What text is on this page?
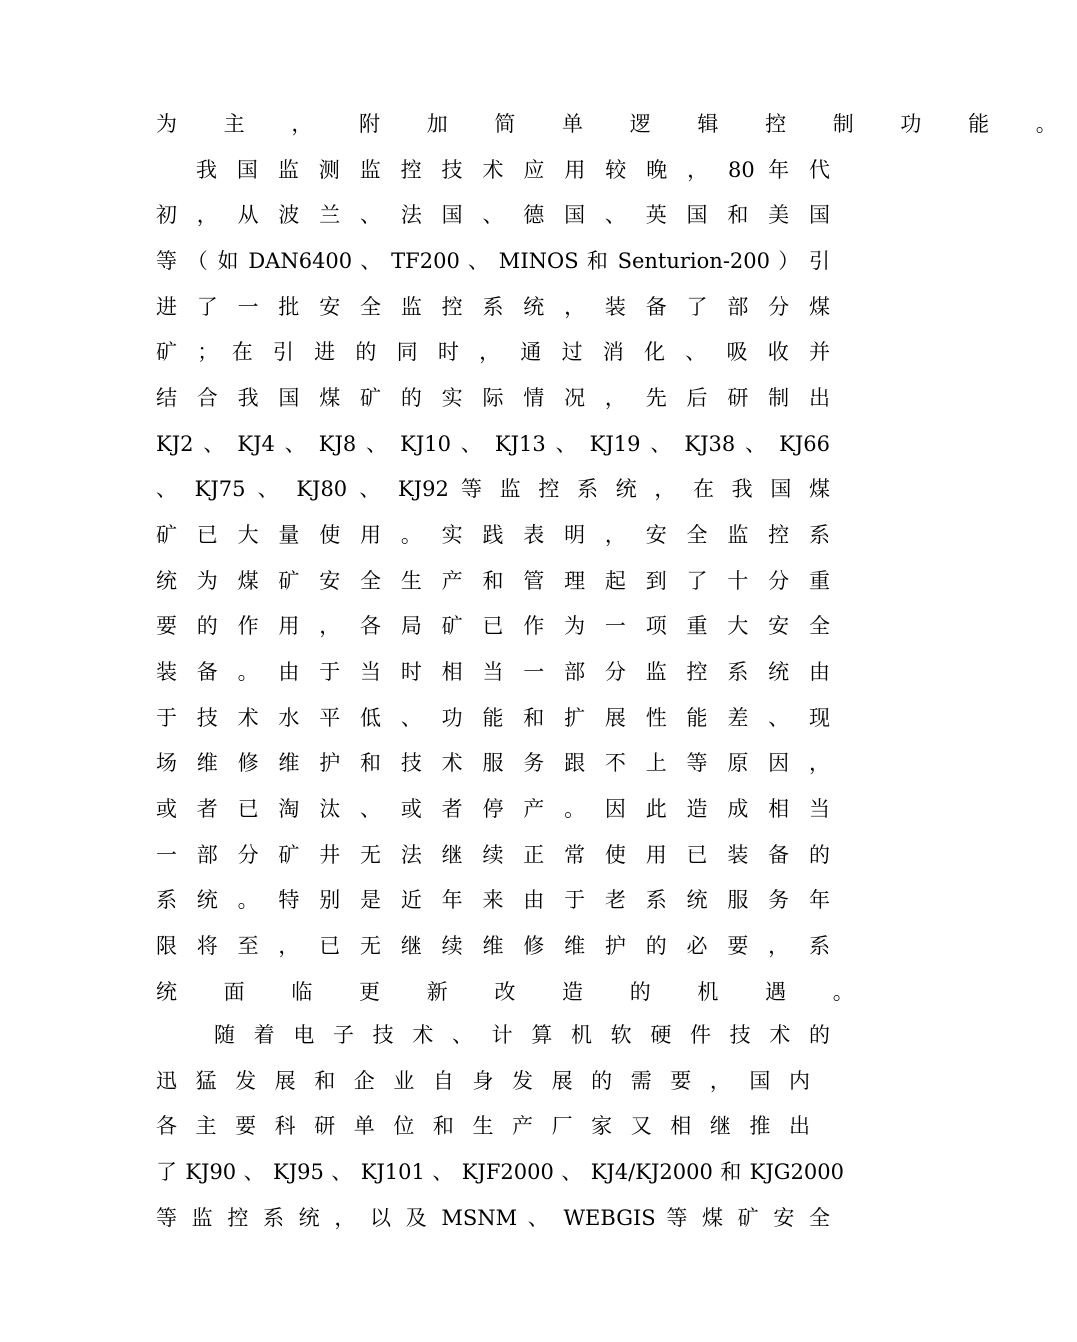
为 主 ， 附 加 简 单 逻 辑 控 制 功 能 。
我 国 监 测 监 控 技 术 应 用 较 晚 ， 80 年 代
初 ， 从 波 兰 、 法 国 、 德 国 、 英 国 和 美 国
等 （ 如 DAN6400 、 TF200 、 MINOS 和 Senturion-200 ） 引
进 了 一 批 安 全 监 控 系 统 ， 装 备 了 部 分 煤
矿 ； 在 引 进 的 同 时 ， 通 过 消 化 、 吸 收 并
结 合 我 国 煤 矿 的 实 际 情 况 ， 先 后 研 制 出
KJ2 、 KJ4 、 KJ8 、 KJ10 、 KJ13 、 KJ19 、 KJ38 、 KJ66
、 KJ75 、 KJ80 、 KJ92 等 监 控 系 统 ， 在 我 国 煤
矿 已 大 量 使 用 。 实 践 表 明 ， 安 全 监 控 系
统 为 煤 矿 安 全 生 产 和 管 理 起 到 了 十 分 重
要 的 作 用 ， 各 局 矿 已 作 为 一 项 重 大 安 全
装 备 。 由 于 当 时 相 当 一 部 分 监 控 系 统 由
于 技 术 水 平 低 、 功 能 和 扩 展 性 能 差 、 现
场 维 修 维 护 和 技 术 服 务 跟 不 上 等 原 因 ，
或 者 已 淘 汰 、 或 者 停 产 。 因 此 造 成 相 当
一 部 分 矿 井 无 法 继 续 正 常 使 用 已 装 备 的
系 统 。 特 别 是 近 年 来 由 于 老 系 统 服 务 年
限 将 至 ， 已 无 继 续 维 修 维 护 的 必 要 ， 系
统 面 临 更 新 改 造 的 机 遇 。
随 着 电 子 技 术 、 计 算 机 软 硬 件 技 术 的
迅 猛 发 展 和 企 业 自 身 发 展 的 需 要 ， 国 内
各 主 要 科 研 单 位 和 生 产 厂 家 又 相 继 推 出
了 KJ90 、 KJ95 、 KJ101 、 KJF2000 、 KJ4/KJ2000 和 KJG2000
等 监 控 系 统 ， 以 及 MSNM 、 WEBGIS 等 煤 矿 安 全
